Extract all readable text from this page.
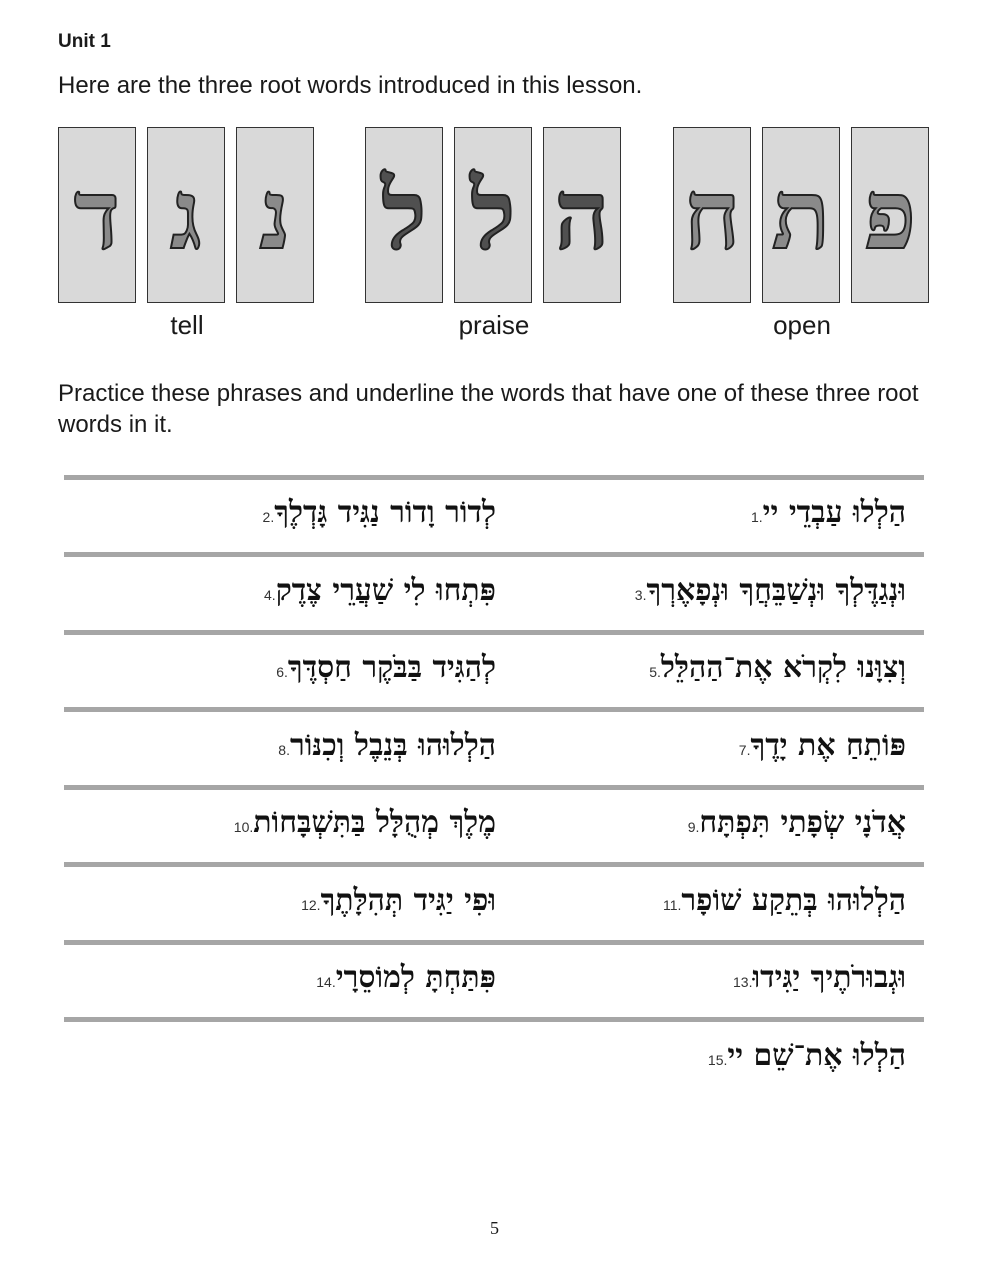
Unit 1
Here are the three root words introduced in this lesson.
ד ג נ
tell
ל ל ה
praise
ח ת פ
open
Practice these phrases and underline the words that have one of these three root words in it.
הַלְלוּ עַבְדֵי יי
1.
לְדוֹר וָדוֹר נַגִּיד גָּדְלֶךָ
2.
וּנְגַדֶּלְךָ וּנְשַׁבֵּחֲךָ וּנְפָאֶרְךָ
3.
פִּתְחוּ לִי שַׁעֲרֵי צֶדֶק
4.
וְצִוָּנוּ לִקְרֹא אֶת־הַהַלֵּל
5.
לְהַגִּיד בַּבֹּקֶר חַסְדֶּךָ
6.
פּוֹתֵחַ אֶת יָדֶךָ
7.
הַלְלוּהוּ בְּנֵבֶל וְכִנּוֹר
8.
אֲדֹנָי שְׂפָתַי תִּפְתָּח
9.
מֶלֶךְ מְהֻלָּל בַּתִּשְׁבָּחוֹת
10.
הַלְלוּהוּ בְּתֵקַע שׁוֹפָר
11.
וּפִי יַגִּיד תְּהִלָּתֶךָ
12.
וּגְבוּרֹתֶיךָ יַגִּידוּ
13.
פִּתַּחְתָּ לְמוֹסֵרָי
14.
הַלְלוּ אֶת־שֵׁם יי
15.
5
